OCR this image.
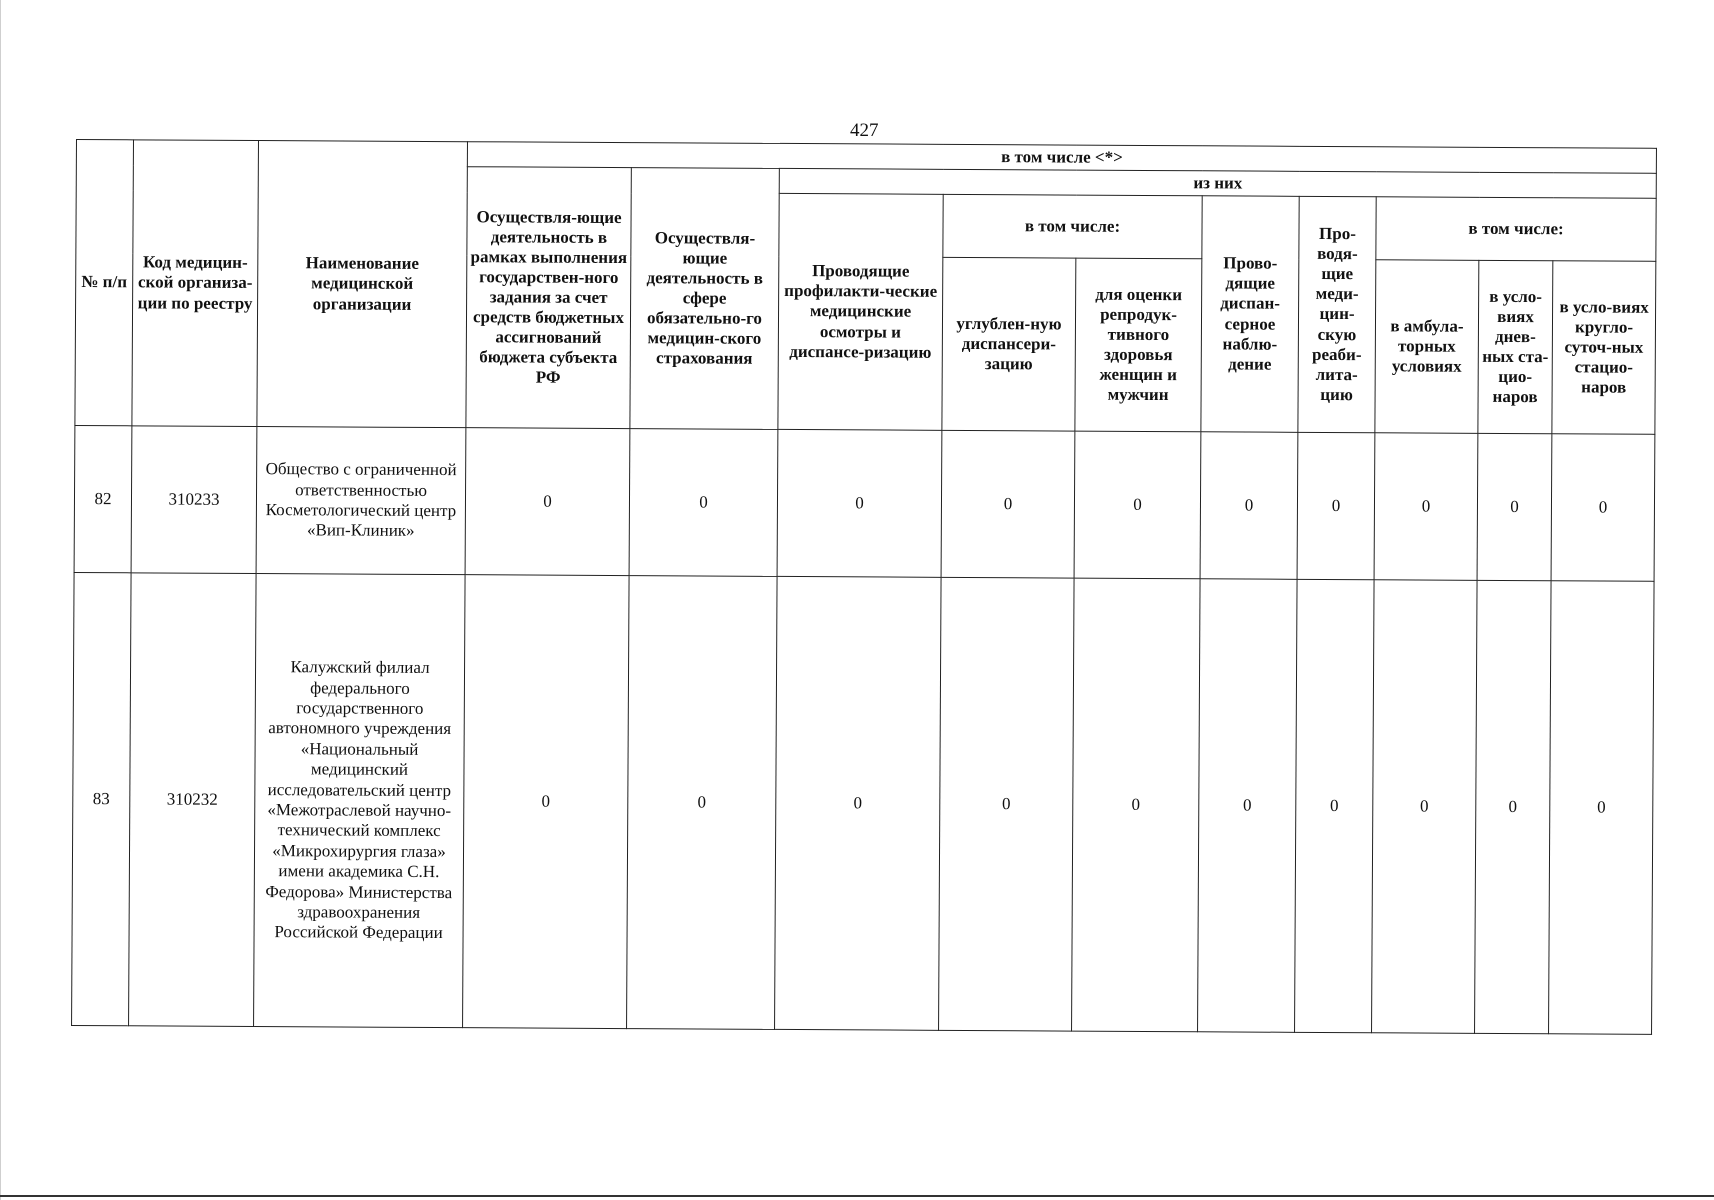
427
№ п/п	Код медицин-ской организа-ции по реестру	Наименование медицинской организации	в том числе <*>									
			Осуществля-ющие деятельность в рамках выполнения государствен-ного задания за счет средств бюджетных ассигнований бюджета субъекта РФ	Осуществля-ющие деятельность в сфере обязательно-го медицин-ского страхования	из них							
					Проводящие профилакти-ческие медицинские осмотры и диспансе-ризацию	в том числе:		Прово-дящие диспан-серное наблю-дение	Про-водя-щие меди-цин-скую реаби-лита-цию	в том числе:		
						углублен-ную диспансери-зацию	для оценки репродук-тивного здоровья женщин и мужчин			в амбула-торных условиях	в усло-виях днев-ных ста-цио-наров	в усло-виях кругло-суточ-ных стацио-наров
82	310233	Общество с ограниченной ответственностью Косметологический центр «Вип-Клиник»	0	0	0	0	0	0	0	0	0	0
83	310232	Калужский филиал федерального государственного автономного учреждения «Национальный медицинский исследовательский центр «Межотраслевой научно-технический комплекс «Микрохирургия глаза» имени академика С.Н. Федорова» Министерства здравоохранения Российской Федерации	0	0	0	0	0	0	0	0	0	0
